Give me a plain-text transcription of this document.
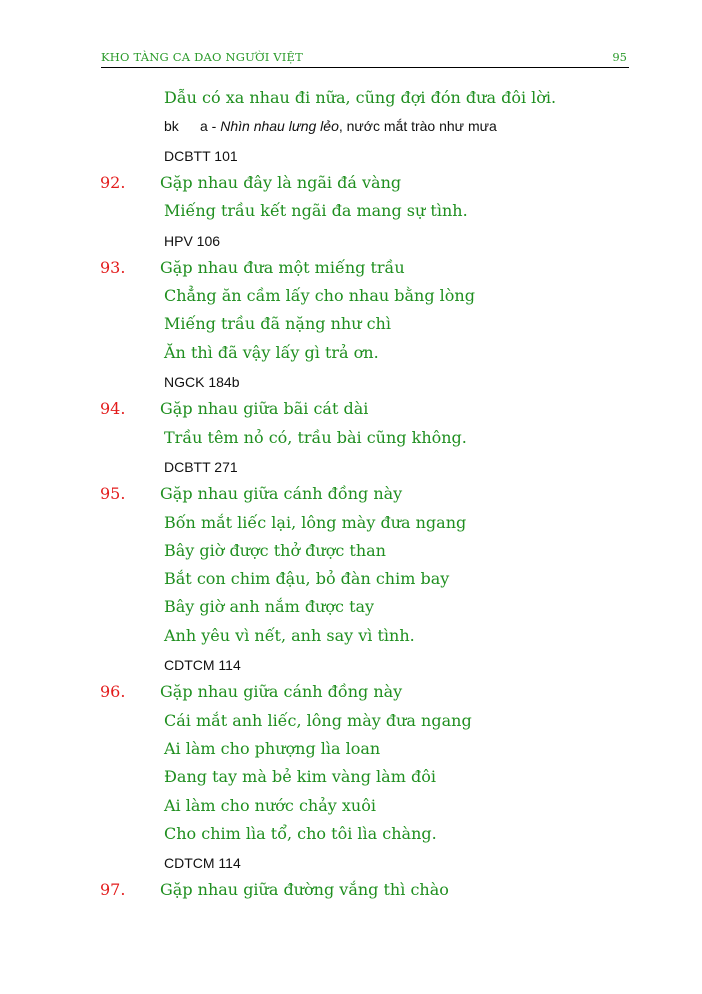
KHO TÀNG CA DAO NGƯỜI VIỆT	95
Dẫu có xa nhau đi nữa, cũng đợi đón đưa đôi lời.
bk a - Nhìn nhau lưng lẻo, nước mắt trào như mưa
DCBTT 101
92. Gặp nhau đây là ngãi đá vàng
Miếng trầu kết ngãi đa mang sự tình.
HPV 106
93. Gặp nhau đưa một miếng trầu
Chẳng ăn cầm lấy cho nhau bằng lòng
Miếng trầu đã nặng như chì
Ăn thì đã vậy lấy gì trả ơn.
NGCK 184b
94. Gặp nhau giữa bãi cát dài
Trầu têm nỏ có, trầu bài cũng không.
DCBTT 271
95. Gặp nhau giữa cánh đồng này
Bốn mắt liếc lại, lông mày đưa ngang
Bây giờ được thở được than
Bắt con chim đậu, bỏ đàn chim bay
Bây giờ anh nắm được tay
Anh yêu vì nết, anh say vì tình.
CDTCM 114
96. Gặp nhau giữa cánh đồng này
Cái mắt anh liếc, lông mày đưa ngang
Ai làm cho phượng lìa loan
Đang tay mà bẻ kim vàng làm đôi
Ai làm cho nước chảy xuôi
Cho chim lìa tổ, cho tôi lìa chàng.
CDTCM 114
97. Gặp nhau giữa đường vắng thì chào
